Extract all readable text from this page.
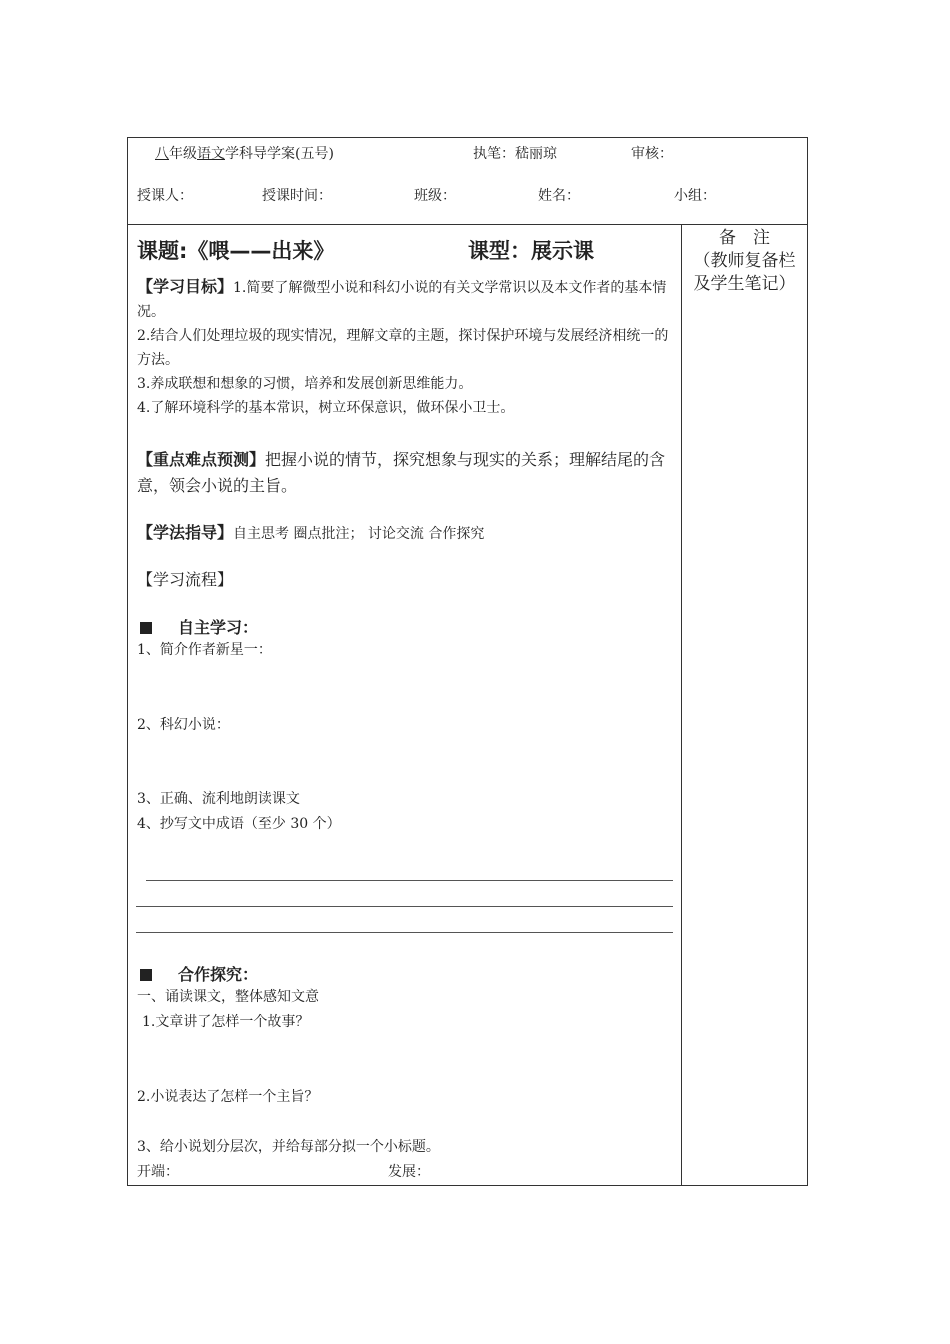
八年级语文学科导学案(五号)	执笔：嵇丽琼	审核：
授课人：	授课时间：	班级：	姓名：	小组：
课题:《喂——出来》	课型：展示课
【学习目标】1.简要了解微型小说和科幻小说的有关文学常识以及本文作者的基本情况。
2.结合人们处理垃圾的现实情况，理解文章的主题，探讨保护环境与发展经济相统一的方法。
3.养成联想和想象的习惯，培养和发展创新思维能力。
4.了解环境科学的基本常识，树立环保意识，做环保小卫士。
【重点难点预测】把握小说的情节，探究想象与现实的关系；理解结尾的含意，领会小说的主旨。
【学法指导】自主思考 圈点批注； 讨论交流 合作探究
【学习流程】
自主学习：
1、简介作者新星一：
2、科幻小说：
3、正确、流利地朗读课文
4、抄写文中成语（至少 30 个）
合作探究：
一、诵读课文，整体感知文意
1.文章讲了怎样一个故事？
2.小说表达了怎样一个主旨？
3、给小说划分层次，并给每部分拟一个小标题。
开端：	发展：
备　注
（教师复备栏
及学生笔记）
